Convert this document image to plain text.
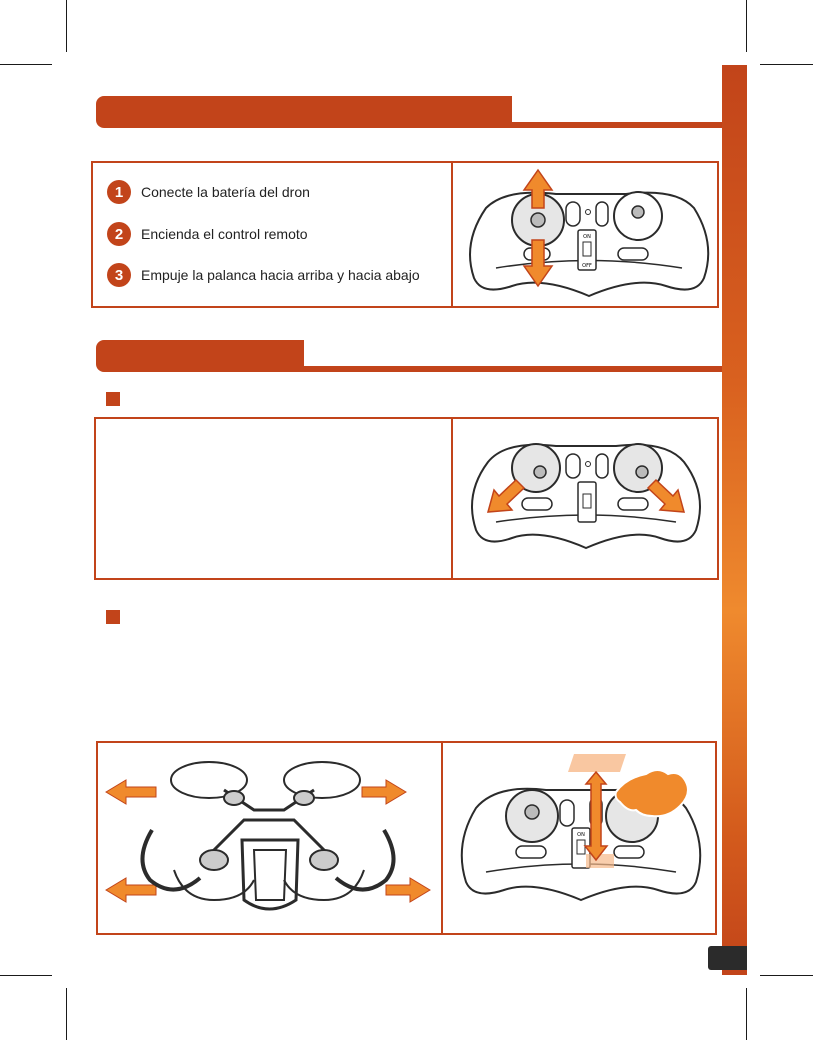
1	Conecte la batería del dron
2	Encienda el control remoto
3	Empuje la palanca hacia arriba y hacia abajo
ON
OFF
ON
